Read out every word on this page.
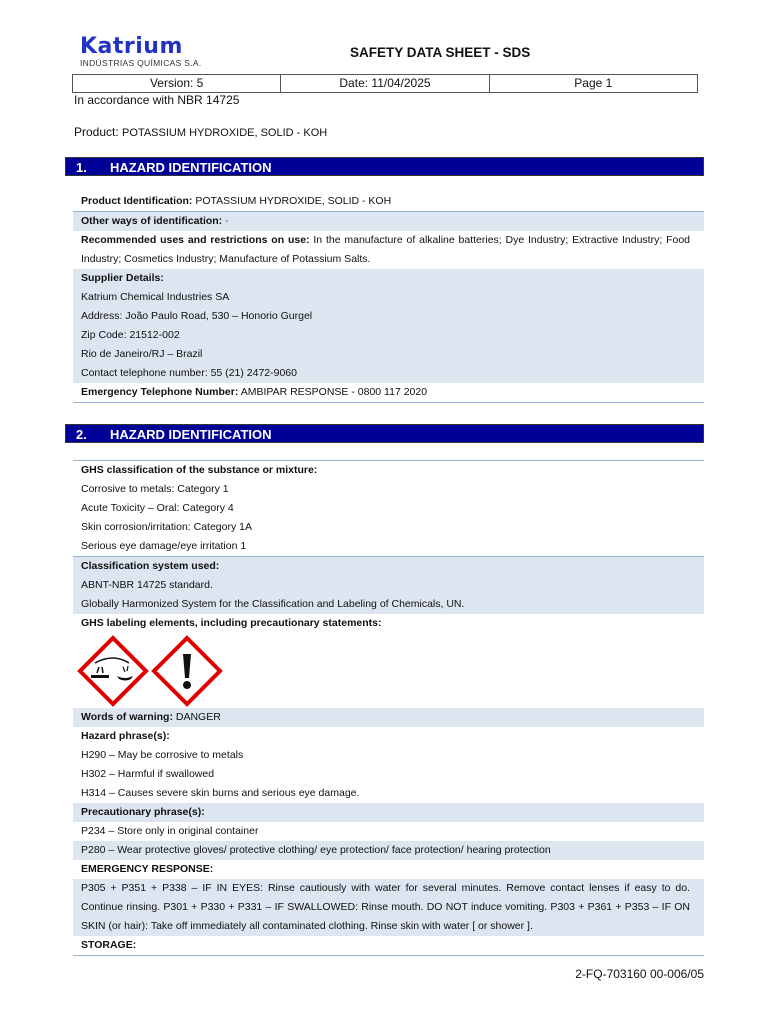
Katrium
INDÚSTRIAS QUÍMICAS S.A.
SAFETY DATA SHEET - SDS
Version: 5	Date: 11/04/2025	Page 1
In accordance with NBR 14725
Product: POTASSIUM HYDROXIDE, SOLID - KOH
1. HAZARD IDENTIFICATION
Product Identification: POTASSIUM HYDROXIDE, SOLID - KOH
Other ways of identification: -
Recommended uses and restrictions on use: In the manufacture of alkaline batteries; Dye Industry; Extractive Industry; Food Industry; Cosmetics Industry; Manufacture of Potassium Salts.
Supplier Details:
Katrium Chemical Industries SA
Address: João Paulo Road, 530 – Honorio Gurgel
Zip Code: 21512-002
Rio de Janeiro/RJ – Brazil
Contact telephone number: 55 (21) 2472-9060
Emergency Telephone Number: AMBIPAR RESPONSE - 0800 117 2020
2. HAZARD IDENTIFICATION
GHS classification of the substance or mixture:
Corrosive to metals: Category 1
Acute Toxicity – Oral: Category 4
Skin corrosion/irritation: Category 1A
Serious eye damage/eye irritation 1
Classification system used:
ABNT-NBR 14725 standard.
Globally Harmonized System for the Classification and Labeling of Chemicals, UN.
GHS labeling elements, including precautionary statements:
Words of warning: DANGER
Hazard phrase(s):
H290 – May be corrosive to metals
H302 – Harmful if swallowed
H314 – Causes severe skin burns and serious eye damage.
Precautionary phrase(s):
P234 – Store only in original container
P280 – Wear protective gloves/ protective clothing/ eye protection/ face protection/ hearing protection
EMERGENCY RESPONSE:
P305 + P351 + P338 – IF IN EYES: Rinse cautiously with water for several minutes. Remove contact lenses if easy to do. Continue rinsing. P301 + P330 + P331 – IF SWALLOWED: Rinse mouth. DO NOT induce vomiting. P303 + P361 + P353 – IF ON SKIN (or hair): Take off immediately all contaminated clothing. Rinse skin with water [ or shower ].
STORAGE:
2-FQ-703160 00-006/05
